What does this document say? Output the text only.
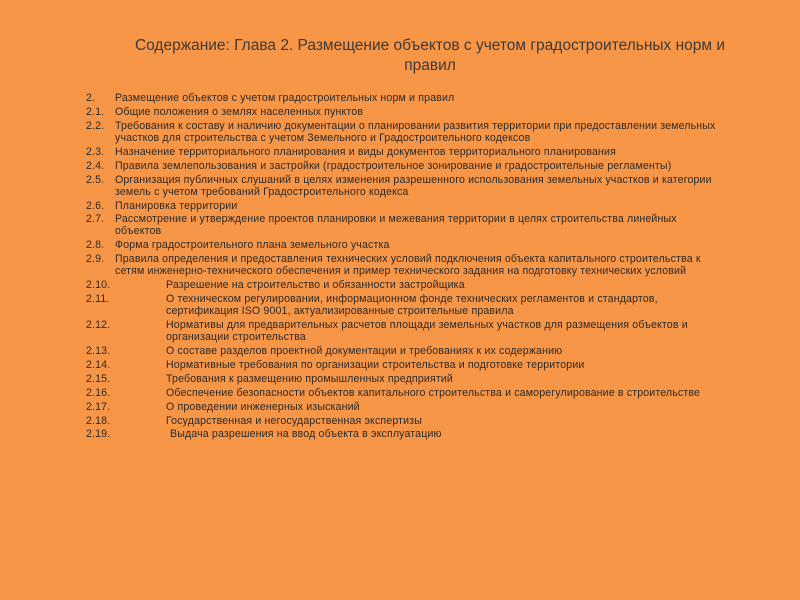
Содержание: Глава 2. Размещение объектов с учетом градостроительных норм и правил
2.	Размещение объектов с учетом градостроительных норм и правил
2.1.	Общие положения о землях населенных пунктов
2.2.	Требования к составу и наличию документации о планировании развития территории при предоставлении земельных участков для строительства с учетом Земельного и Градостроительного кодексов
2.3.	Назначение территориального планирования и виды документов территориального планирования
2.4.	Правила землепользования и застройки (градостроительное зонирование и градостроительные регламенты)
2.5.	Организация публичных слушаний в целях изменения разрешенного использования земельных участков и категории земель с учетом требований Градостроительного кодекса
2.6.	Планировка территории
2.7.	Рассмотрение и утверждение проектов планировки и межевания территории в целях строительства линейных объектов
2.8.	Форма градостроительного плана земельного участка
2.9.	Правила определения и предоставления технических условий подключения объекта капитального строительства к сетям инженерно-технического обеспечения и пример технического задания на подготовку технических условий
2.10.	Разрешение на строительство и обязанности застройщика
2.11.	О техническом регулировании, информационном фонде технических регламентов и стандартов, сертификация ISO 9001, актуализированные строительные правила
2.12.	Нормативы для предварительных расчетов площади земельных участков для размещения объектов и организации строительства
2.13.	О составе разделов проектной документации и требованиях к их содержанию
2.14.	Нормативные требования по организации строительства и подготовке территории
2.15.	Требования к размещению промышленных предприятий
2.16.	Обеспечение безопасности объектов капитального строительства и саморегулирование в строительстве
2.17.	О проведении инженерных изысканий
2.18.	Государственная и негосударственная экспертизы
2.19.	Выдача разрешения на ввод объекта в эксплуатацию
